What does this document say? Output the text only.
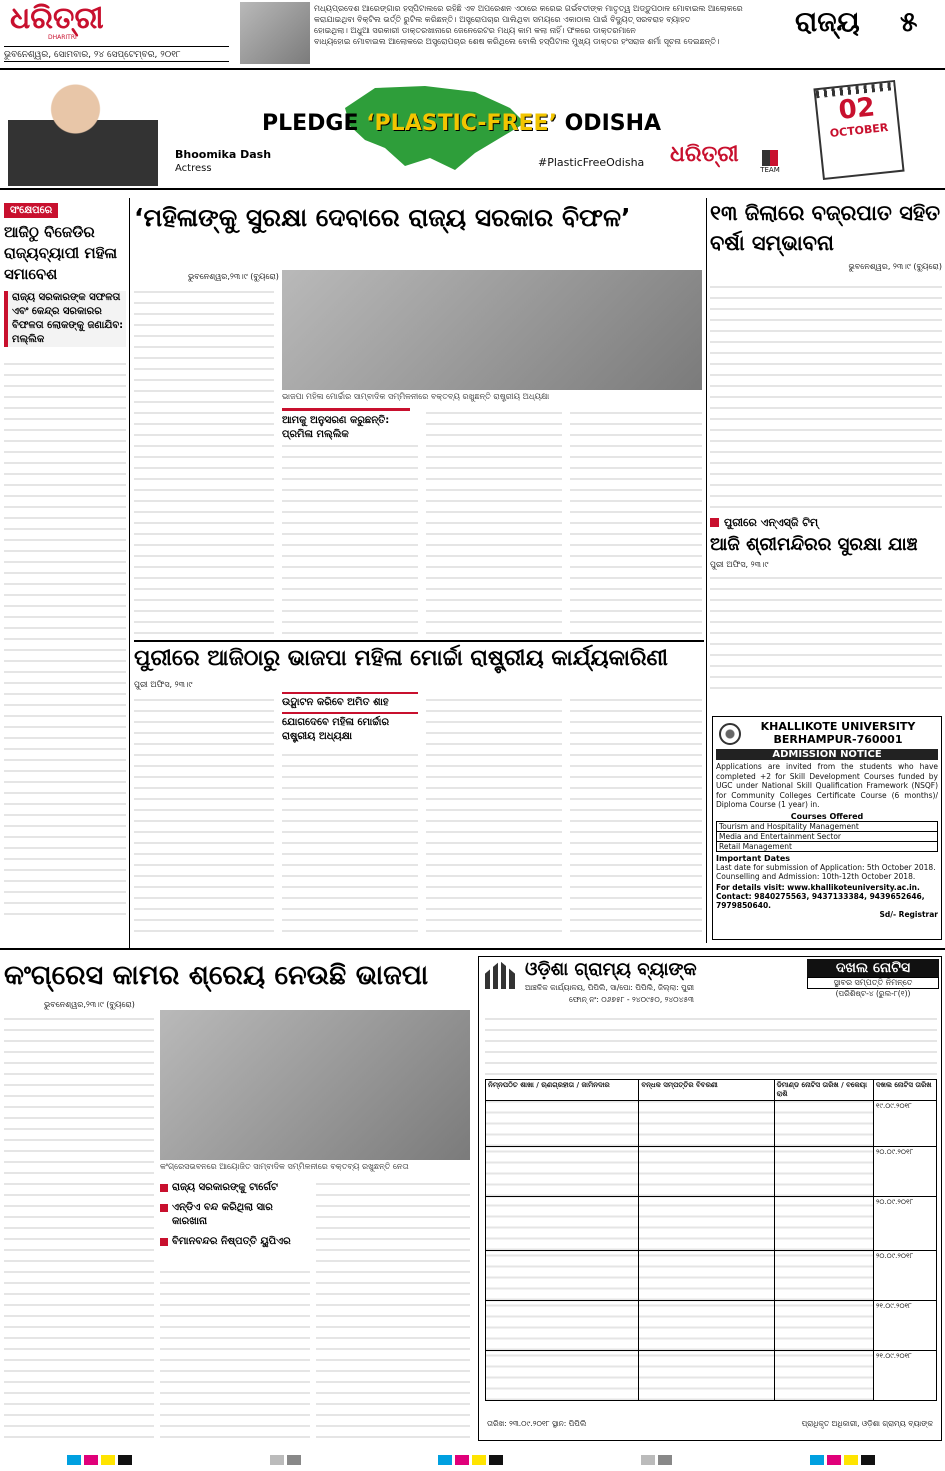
ଧରିତ୍ରୀ
DHARITRI
ଭୁବନେଶ୍ୱର, ସୋମବାର, ୨୪ ସେପ୍ଟେମ୍ବର, ୨୦୧୮
ମଧ୍ୟପ୍ରଦେଶ ଆରେଙ୍ଗାର ହସ୍ପିଟାଲରେ ରହିଛି ଏବ ଅପରେଶନ ଏଠାରେ କରେଇ ଗର୍ଭବତୀଙ୍କ ମାତୃତ୍ୱ ଅଡ୍ଡୁପଠାଳ ମୋବାଇଲ ଆଲୋକରେ
କରାଯାଇଥିବା ବିକ୍ଟିଲ ଭର୍ତ୍ତି ରୁଟିଲ କରିଛନ୍ତି। ଅସ୍ତ୍ରୋପଚାର ପାଲିଥିବା ସମୟରେ ଏକାଠାଲ ପାଇଁ ବିଦ୍ୟୁତ୍ ସରବରାହ ବ୍ୟାହତ
ହୋଇଥିଲା। ଅଧୁଆ ସରକାରୀ ଡାକ୍ତରଖାନାରେ ଜେନେରେଟର ମଧ୍ୟ କାମ କଲା ନାହିଁ। ଫଳରେ ଡାକ୍ତରମାନେ
ବାଧ୍ୟହୋଇ ମୋବାଇଲ ଆଲୋକରେ ଅସ୍ତ୍ରୋପଚାର ଶେଷ କରିଥିଲେ ବୋଲି ହସ୍ପିଟାଲ ମୁଖ୍ୟ ଡାକ୍ତର ହଂସରାଜ ଶର୍ମା ସୂଚନା ଦେଇଛନ୍ତି।
ରାଜ୍ୟ ୫
Bhoomika Dash
Actress
PLEDGE ‘PLASTIC-FREE’ ODISHA
#PlasticFreeOdisha ଧରିତ୍ରୀ
TEAM
02
OCTOBER
ସଂକ୍ଷେପରେ
ଆଜିଠୁ ବିଜେଡିର ରାଜ୍ୟବ୍ୟାପୀ ମହିଳା ସମାବେଶ
ରାଜ୍ୟ ସରକାରଙ୍କ ସଫଳତା ଏବଂ କେନ୍ଦ୍ର ସରକାରର ବିଫଳତା ଲୋକଙ୍କୁ ଜଣାଯିବ: ମଲ୍ଲିକ
‘ମହିଳାଙ୍କୁ ସୁରକ୍ଷା ଦେବାରେ ରାଜ୍ୟ ସରକାର ବିଫଳ’
ଭୁବନେଶ୍ୱର,୨୩।୯ (ବ୍ୟୁରୋ)
ଭାଜପା ମହିଳା ମୋର୍ଚ୍ଚାର ସାମ୍ବାଦିକ ସମ୍ମିଳନୀରେ ବକ୍ତବ୍ୟ ରଖୁଛନ୍ତି ରାଷ୍ଟ୍ରୀୟ ଅଧ୍ୟକ୍ଷା
ଆମକୁ ଅନୁସରଣ କରୁଛନ୍ତି: ପ୍ରମିଳା ମଲ୍ଲିକ
ପୁରୀରେ ଆଜିଠାରୁ ଭାଜପା ମହିଳା ମୋର୍ଚ୍ଚା ରାଷ୍ଟ୍ରୀୟ କାର୍ଯ୍ୟକାରିଣୀ
ପୁରୀ ଅଫିସ, ୨୩।୯
ଉଦ୍ଘାଟନ କରିବେ ଅମିତ ଶାହ
ଯୋଗଦେବେ ମହିଳା ମୋର୍ଚ୍ଚାର ରାଷ୍ଟ୍ରୀୟ ଅଧ୍ୟକ୍ଷା
୧୩ ଜିଲାରେ ବଜ୍ରପାତ ସହିତ ବର୍ଷା ସମ୍ଭାବନା
ଭୁବନେଶ୍ୱର, ୨୩।୯ (ବ୍ୟୁରୋ)
ପୁରୀରେ ଏନ୍ଏସ୍ଜି ଟିମ୍
ଆଜି ଶ୍ରୀମନ୍ଦିରର ସୁରକ୍ଷା ଯାଞ୍ଚ
ପୁରୀ ଅଫିସ, ୨୩।୯
KHALLIKOTE UNIVERSITY
BERHAMPUR-760001
ADMISSION NOTICE
Applications are invited from the students who have completed +2 for Skill Development Courses funded by UGC under National Skill Qualification Framework (NSQF) for Community Colleges Certificate Course (6 months)/ Diploma Course (1 year) in.
Courses Offered
Tourism and Hospitality Management
Media and Entertainment Sector
Retail Management
Important Dates
Last date for submission of Application: 5th October 2018.
Counselling and Admission: 10th-12th October 2018.
For details visit: www.khallikoteuniversity.ac.in.
Contact: 9840275563, 9437133384, 9439652646, 7979850640.
Sd/- Registrar
କଂଗ୍ରେସ କାମର ଶ୍ରେୟ ନେଉଛି ଭାଜପା
ଭୁବନେଶ୍ୱର,୨୩।୯ (ବ୍ୟୁରୋ)
କଂଗ୍ରେସଭବନରେ ଆୟୋଜିତ ସାମ୍ବାଦିକ ସମ୍ମିଳନୀରେ ବକ୍ତବ୍ୟ ରଖୁଛନ୍ତି ନେତା
ରାଜ୍ୟ ସରକାରଙ୍କୁ ଟାର୍ଗେଟ
ଏନ୍ଡିଏ ବନ୍ଦ କରିଥିଲା ସାର କାରଖାନା
ବିମାନବନ୍ଦର ନିଷ୍ପତ୍ତି ୟୁପିଏର
ଓଡ଼ିଶା ଗ୍ରାମ୍ୟ ବ୍ୟାଙ୍କ
ଆଞ୍ଚଳିକ କାର୍ଯ୍ୟାଳୟ, ପିପିଲି, ସା/ପୋ: ପିପିଲି, ଜିଲ୍ଲା: ପୁରୀ
ଫୋନ୍ ନଂ: ୦୬୭୫୮ - ୨୪୦୯୫୦, ୨୪୦୪୫୩
ଦଖଲ ନୋଟିସ
ସ୍ଥାବର ସମ୍ପତ୍ତି ନିମନ୍ତେ
(ପରିଶିଷ୍ଟ-୪ (ରୁଲ-୮(୧))
ନିମ୍ନପଠିତ ଶାଖା / ଋଣଗ୍ରହୀତା / ଜାମିନଦାର	ବନ୍ଧକ ସମ୍ପତ୍ତିର ବିବରଣୀ	ଡିମାଣ୍ଡ ନୋଟିସ ତାରିଖ / ବକେୟା ରାଶି	ଦଖଲ ନୋଟିସ ତାରିଖ
			୧୯.୦୯.୨୦୧୮
			୨୦.୦୯.୨୦୧୮
			୨୦.୦୯.୨୦୧୮
			୨୦.୦୯.୨୦୧୮
			୨୧.୦୯.୨୦୧୮
			୨୧.୦୯.୨୦୧୮
ତାରିଖ: ୨୩.୦୯.୨୦୧୮ ସ୍ଥାନ: ପିପିଲି	ପ୍ରାଧିକୃତ ଅଧିକାରୀ, ଓଡ଼ିଶା ଗ୍ରାମ୍ୟ ବ୍ୟାଙ୍କ
